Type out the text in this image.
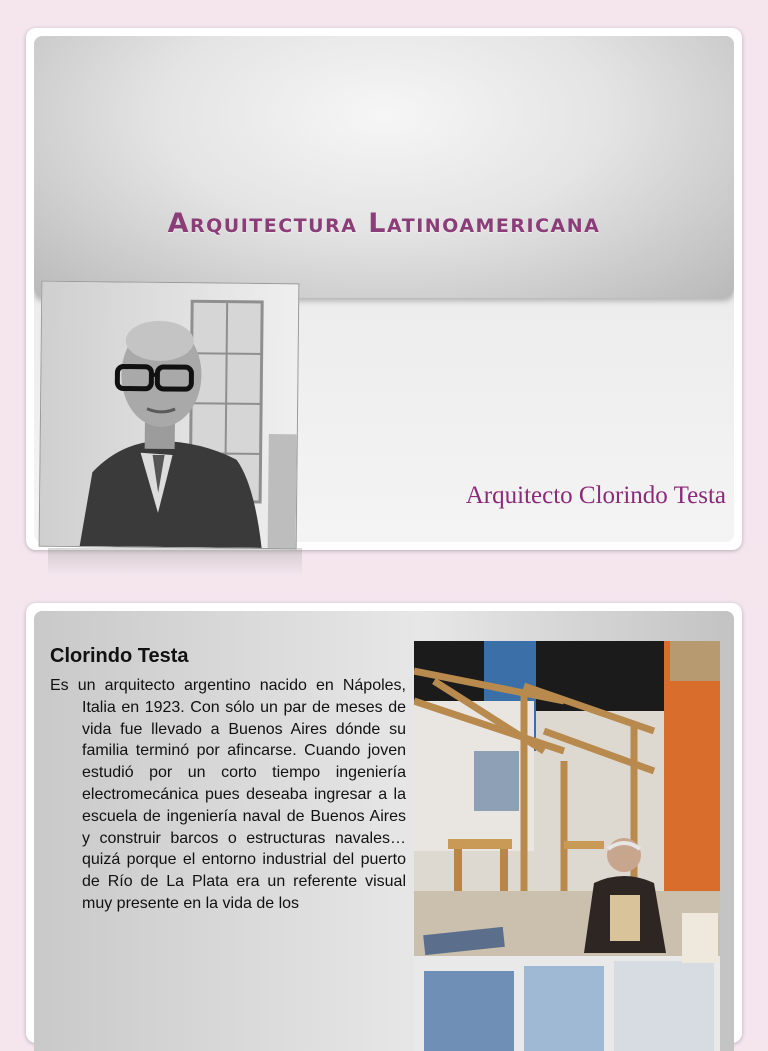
Arquitectura Latinoamericana
Arquitecto Clorindo Testa
Clorindo Testa
Es un arquitecto argentino nacido en Nápoles, Italia en 1923. Con sólo un par de meses de vida fue llevado a Buenos Aires dónde su familia terminó por afincarse. Cuando joven estudió por un corto tiempo ingeniería electromecánica pues deseaba ingresar a la escuela de ingeniería naval de Buenos Aires y construir barcos o estructuras navales… quizá porque el entorno industrial del puerto de Río de La Plata era un referente visual muy presente en la vida de los
